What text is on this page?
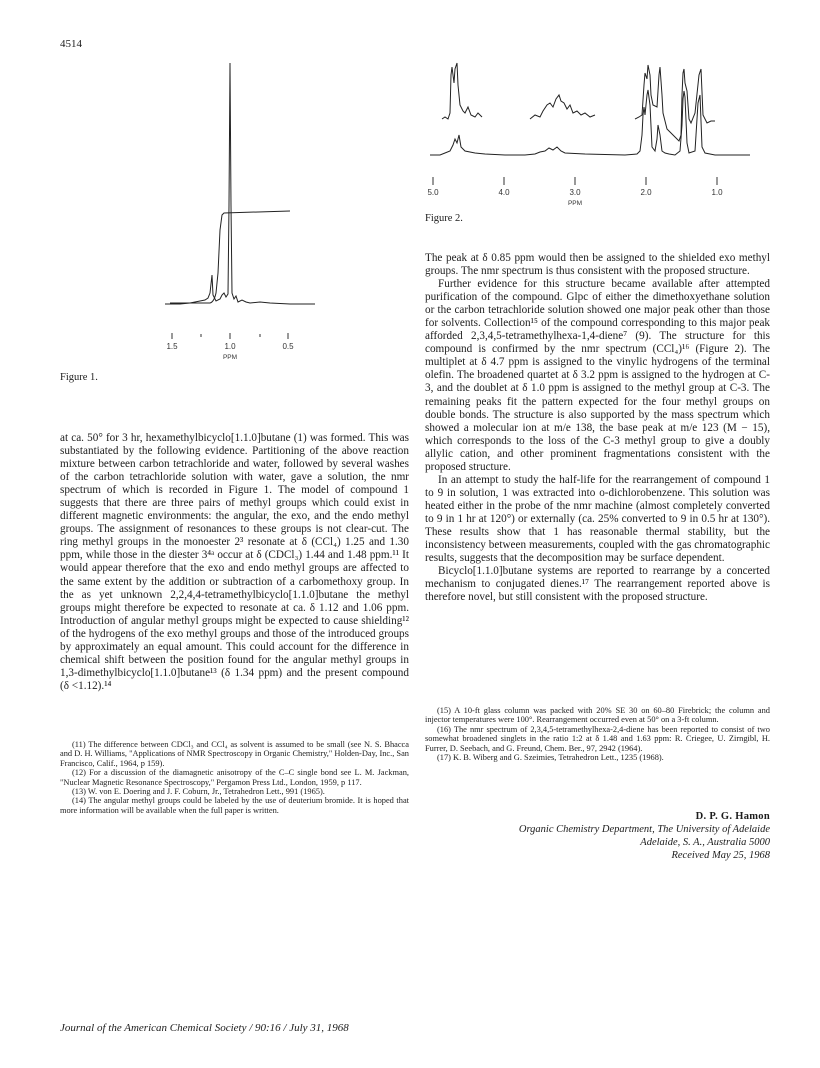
4514
1.5	1.0	0.5
PPM
Figure 1.
5.0	4.0	3.0	2.0	1.0
PPM
Figure 2.

at ca. 50° for 3 hr, hexamethylbicyclo[1.1.0]butane (1) was formed. This was substantiated by the following evidence. Partitioning of the above reaction mixture between carbon tetrachloride and water, followed by several washes of the carbon tetrachloride solution with water, gave a solution, the nmr spectrum of which is recorded in Figure 1. The model of compound 1 suggests that there are three pairs of methyl groups which could exist in different magnetic environments: the angular, the exo, and the endo methyl groups. The assignment of resonances to these groups is not clear-cut. The ring methyl groups in the monoester 2³ resonate at δ (CCl₄) 1.25 and 1.30 ppm, while those in the diester 3⁴ᵃ occur at δ (CDCl₃) 1.44 and 1.48 ppm.¹¹ It would appear therefore that the exo and endo methyl groups are affected to the same extent by the addition or subtraction of a carbomethoxy group. In the as yet unknown 2,2,4,4-tetramethylbicyclo[1.1.0]butane the methyl groups might therefore be expected to resonate at ca. δ 1.12 and 1.06 ppm. Introduction of angular methyl groups might be expected to cause shielding¹² of the hydrogens of the exo methyl groups and those of the introduced groups by approximately an equal amount. This could account for the difference in chemical shift between the position found for the angular methyl groups in 1,3-dimethylbicyclo[1.1.0]butane¹³ (δ 1.34 ppm) and the present compound (δ <1.12).¹⁴

(11) The difference between CDCl₃ and CCl₄ as solvent is assumed to be small (see N. S. Bhacca and D. H. Williams, "Applications of NMR Spectroscopy in Organic Chemistry," Holden-Day, Inc., San Francisco, Calif., 1964, p 159).

(12) For a discussion of the diamagnetic anisotropy of the C–C single bond see L. M. Jackman, "Nuclear Magnetic Resonance Spectroscopy," Pergamon Press Ltd., London, 1959, p 117.

(13) W. von E. Doering and J. F. Coburn, Jr., Tetrahedron Lett., 991 (1965).

(14) The angular methyl groups could be labeled by the use of deuterium bromide. It is hoped that more information will be available when the full paper is written.

The peak at δ 0.85 ppm would then be assigned to the shielded exo methyl groups. The nmr spectrum is thus consistent with the proposed structure.

Further evidence for this structure became available after attempted purification of the compound. Glpc of either the dimethoxyethane solution or the carbon tetrachloride solution showed one major peak other than those for solvents. Collection¹⁵ of the compound corresponding to this major peak afforded 2,3,4,5-tetramethylhexa-1,4-diene⁷ (9). The structure for this compound is confirmed by the nmr spectrum (CCl₄)¹⁶ (Figure 2). The multiplet at δ 4.7 ppm is assigned to the vinylic hydrogens of the terminal olefin. The broadened quartet at δ 3.2 ppm is assigned to the hydrogen at C-3, and the doublet at δ 1.0 ppm is assigned to the methyl group at C-3. The remaining peaks fit the pattern expected for the four methyl groups on double bonds. The structure is also supported by the mass spectrum which showed a molecular ion at m/e 138, the base peak at m/e 123 (M − 15), which corresponds to the loss of the C-3 methyl group to give a doubly allylic cation, and other prominent fragmentations consistent with the proposed structure.

In an attempt to study the half-life for the rearrangement of compound 1 to 9 in solution, 1 was extracted into o-dichlorobenzene. This solution was heated either in the probe of the nmr machine (almost completely converted to 9 in 1 hr at 120°) or externally (ca. 25% converted to 9 in 0.5 hr at 130°). These results show that 1 has reasonable thermal stability, but the inconsistency between measurements, coupled with the gas chromatographic results, suggests that the decomposition may be surface dependent.

Bicyclo[1.1.0]butane systems are reported to rearrange by a concerted mechanism to conjugated dienes.¹⁷ The rearrangement reported above is therefore novel, but still consistent with the proposed structure.

(15) A 10-ft glass column was packed with 20% SE 30 on 60–80 Firebrick; the column and injector temperatures were 100°. Rearrangement occurred even at 50° on a 3-ft column.

(16) The nmr spectrum of 2,3,4,5-tetramethylhexa-2,4-diene has been reported to consist of two somewhat broadened singlets in the ratio 1:2 at δ 1.48 and 1.63 ppm: R. Criegee, U. Zirngibl, H. Furrer, D. Seebach, and G. Freund, Chem. Ber., 97, 2942 (1964).

(17) K. B. Wiberg and G. Szeimies, Tetrahedron Lett., 1235 (1968).

D. P. G. Hamon
Organic Chemistry Department, The University of Adelaide
Adelaide, S. A., Australia 5000
Received May 25, 1968
Journal of the American Chemical Society / 90:16 / July 31, 1968
